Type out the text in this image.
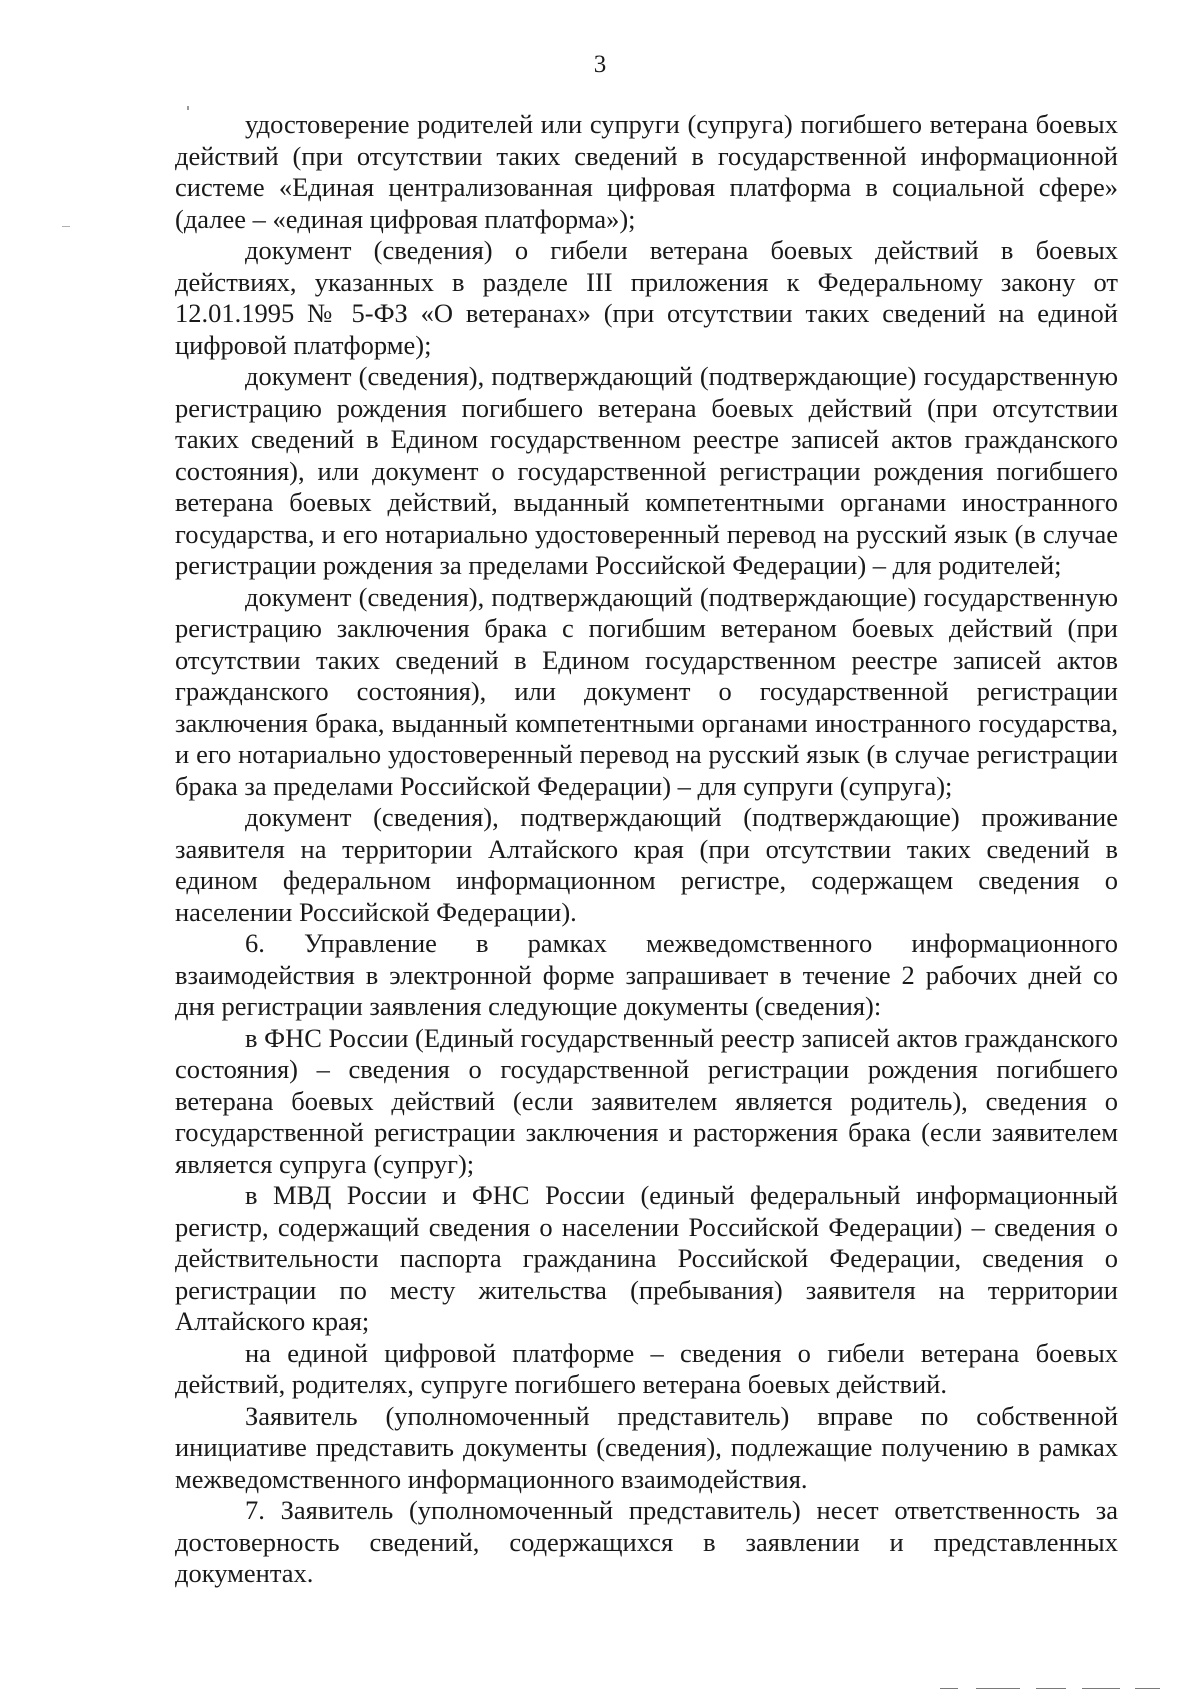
3

удостоверение родителей или супруги (супруга) погибшего ветерана боевых действий (при отсутствии таких сведений в государственной информационной системе «Единая централизованная цифровая платформа в социальной сфере» (далее – «единая цифровая платформа»);

документ (сведения) о гибели ветерана боевых действий в боевых действиях, указанных в разделе III приложения к Федеральному закону от 12.01.1995 № 5-ФЗ «О ветеранах» (при отсутствии таких сведений на единой цифровой платформе);

документ (сведения), подтверждающий (подтверждающие) государственную регистрацию рождения погибшего ветерана боевых действий (при отсутствии таких сведений в Едином государственном реестре записей актов гражданского состояния), или документ о государственной регистрации рождения погибшего ветерана боевых действий, выданный компетентными органами иностранного государства, и его нотариально удостоверенный перевод на русский язык (в случае регистрации рождения за пределами Российской Федерации) – для родителей;

документ (сведения), подтверждающий (подтверждающие) государственную регистрацию заключения брака с погибшим ветераном боевых действий (при отсутствии таких сведений в Едином государственном реестре записей актов гражданского состояния), или документ о государственной регистрации заключения брака, выданный компетентными органами иностранного государства, и его нотариально удостоверенный перевод на русский язык (в случае регистрации брака за пределами Российской Федерации) – для супруги (супруга);

документ (сведения), подтверждающий (подтверждающие) проживание заявителя на территории Алтайского края (при отсутствии таких сведений в едином федеральном информационном регистре, содержащем сведения о населении Российской Федерации).

6. Управление в рамках межведомственного информационного взаимодействия в электронной форме запрашивает в течение 2 рабочих дней со дня регистрации заявления следующие документы (сведения):

в ФНС России (Единый государственный реестр записей актов гражданского состояния) – сведения о государственной регистрации рождения погибшего ветерана боевых действий (если заявителем является родитель), сведения о государственной регистрации заключения и расторжения брака (если заявителем является супруга (супруг);

в МВД России и ФНС России (единый федеральный информационный регистр, содержащий сведения о населении Российской Федерации) – сведения о действительности паспорта гражданина Российской Федерации, сведения о регистрации по месту жительства (пребывания) заявителя на территории Алтайского края;

на единой цифровой платформе – сведения о гибели ветерана боевых действий, родителях, супруге погибшего ветерана боевых действий.

Заявитель (уполномоченный представитель) вправе по собственной инициативе представить документы (сведения), подлежащие получению в рамках межведомственного информационного взаимодействия.

7. Заявитель (уполномоченный представитель) несет ответственность за достоверность сведений, содержащихся в заявлении и представленных документах.
